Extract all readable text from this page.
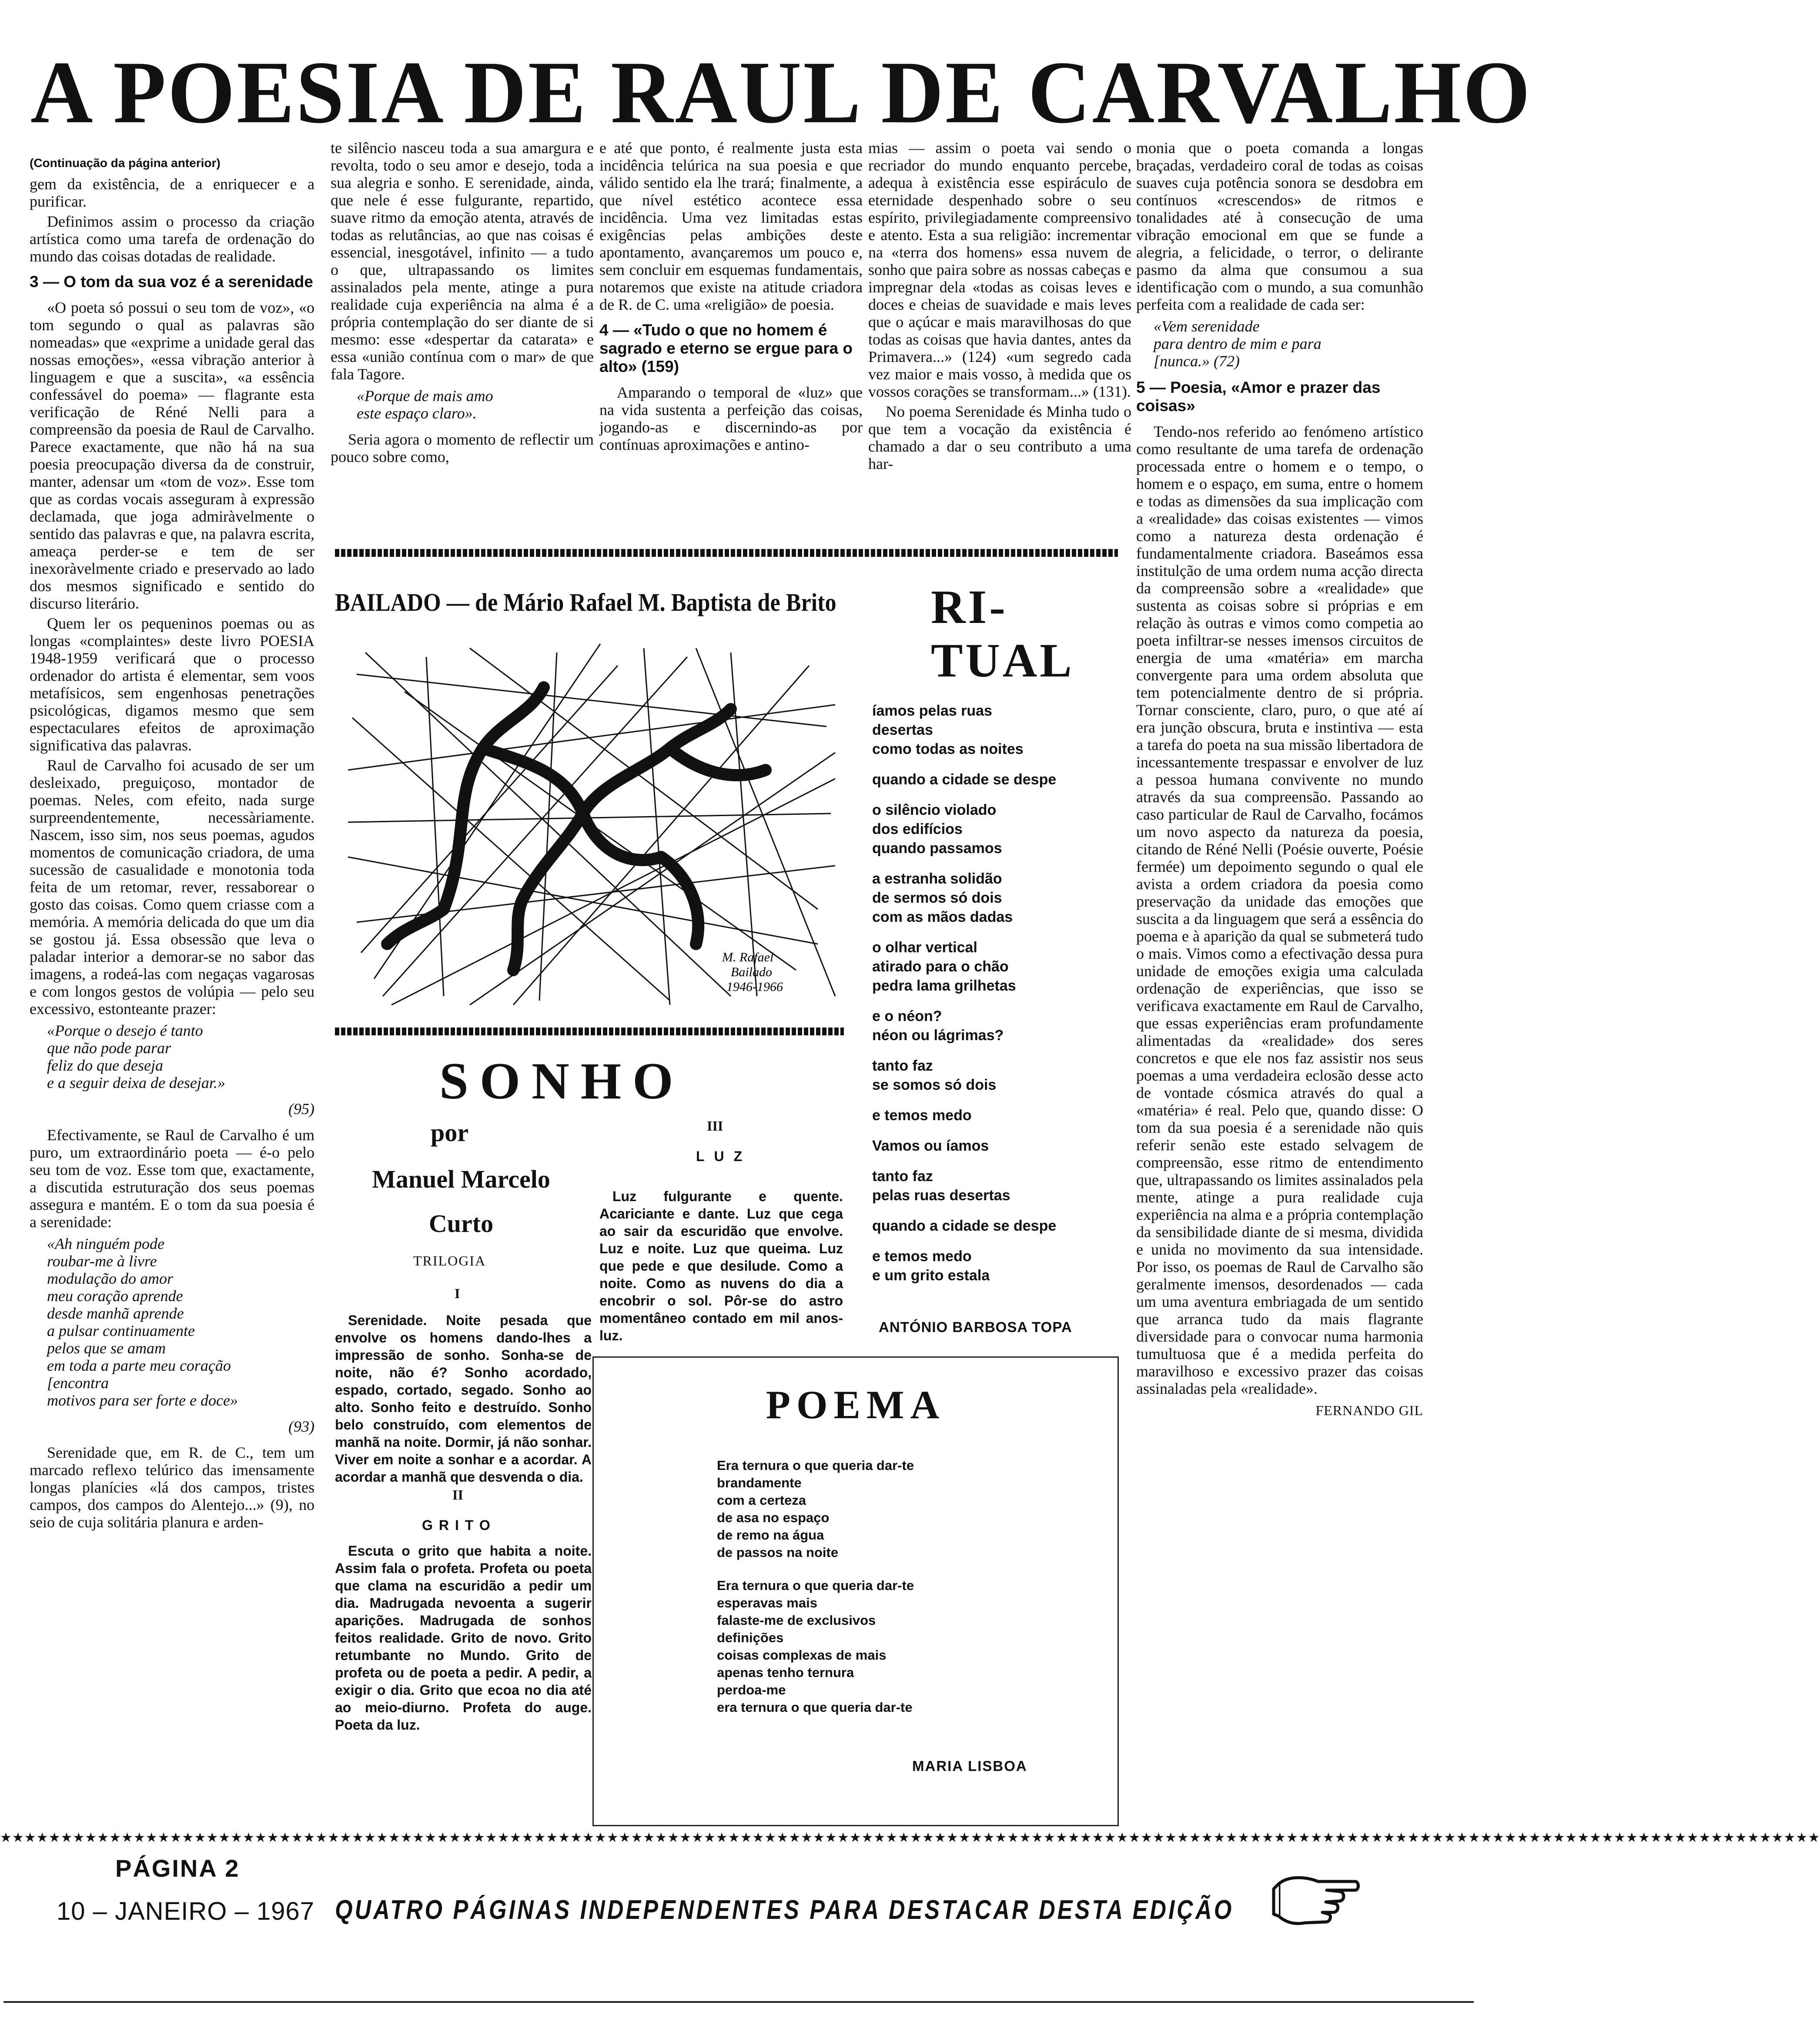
A POESIA DE RAUL DE CARVALHO

(Continuação da página anterior)

gem da existência, de a enriquecer e a purificar.

Definimos assim o processo da criação artística como uma tarefa de ordenação do mundo das coisas dotadas de realidade.

3 — O tom da sua voz é a serenidade

«O poeta só possui o seu tom de voz», «o tom segundo o qual as palavras são nomeadas» que «exprime a unidade geral das nossas emoções», «essa vibração anterior à linguagem e que a suscita», «a essência confessável do poema» — flagrante esta verificação de Réné Nelli para a compreensão da poesia de Raul de Carvalho. Parece exactamente, que não há na sua poesia preocupação diversa da de construir, manter, adensar um «tom de voz». Esse tom que as cordas vocais asseguram à expressão declamada, que joga admiràvelmente o sentido das palavras e que, na palavra escrita, ameaça perder-se e tem de ser inexoràvelmente criado e preservado ao lado dos mesmos significado e sentido do discurso literário.

Quem ler os pequeninos poemas ou as longas «complaintes» deste livro POESIA 1948-1959 verificará que o processo ordenador do artista é elementar, sem voos metafísicos, sem engenhosas penetrações psicológicas, digamos mesmo que sem espectaculares efeitos de aproximação significativa das palavras.

Raul de Carvalho foi acusado de ser um desleixado, preguiçoso, montador de poemas. Neles, com efeito, nada surge surpreendentemente, necessàriamente. Nascem, isso sim, nos seus poemas, agudos momentos de comunicação criadora, de uma sucessão de casualidade e monotonia toda feita de um retomar, rever, ressaborear o gosto das coisas. Como quem criasse com a memória. A memória delicada do que um dia se gostou já. Essa obsessão que leva o paladar interior a demorar-se no sabor das imagens, a rodeá-las com negaças vagarosas e com longos gestos de volúpia — pelo seu excessivo, estonteante prazer:

«Porque o desejo é tanto
que não pode parar
feliz do que deseja
e a seguir deixa de desejar.»

(95)

Efectivamente, se Raul de Carvalho é um puro, um extraordinário poeta — é-o pelo seu tom de voz. Esse tom que, exactamente, a discutida estruturação dos seus poemas assegura e mantém. E o tom da sua poesia é a serenidade:

«Ah ninguém pode
roubar-me à livre
modulação do amor
meu coração aprende
desde manhã aprende
a pulsar continuamente
pelos que se amam
em toda a parte meu coração
[encontra
motivos para ser forte e doce»

(93)

Serenidade que, em R. de C., tem um marcado reflexo telúrico das imensamente longas planícies «lá dos campos, tristes campos, dos campos do Alentejo...» (9), no seio de cuja solitária planura e arden-

te silêncio nasceu toda a sua amargura e revolta, todo o seu amor e desejo, toda a sua alegria e sonho. E serenidade, ainda, que nele é esse fulgurante, repartido, suave ritmo da emoção atenta, através de todas as relutâncias, ao que nas coisas é essencial, inesgotável, infinito — a tudo o que, ultrapassando os limites assinalados pela mente, atinge a pura realidade cuja experiência na alma é a própria contemplação do ser diante de si mesmo: esse «despertar da catarata» e essa «união contínua com o mar» de que fala Tagore.

«Porque de mais amo
este espaço claro».

Seria agora o momento de reflectir um pouco sobre como,

e até que ponto, é realmente justa esta incidência telúrica na sua poesia e que válido sentido ela lhe trará; finalmente, a que nível estético acontece essa incidência. Uma vez limitadas estas exigências pelas ambições deste apontamento, avançaremos um pouco e, sem concluir em esquemas fundamentais, notaremos que existe na atitude criadora de R. de C. uma «religião» de poesia.

4 — «Tudo o que no homem é sagrado e eterno se ergue para o alto» (159)

Amparando o temporal de «luz» que na vida sustenta a perfeição das coisas, jogando-as e discernindo-as por contínuas aproximações e antino-

mias — assim o poeta vai sendo o recriador do mundo enquanto percebe, adequa à existência esse espiráculo de eternidade despenhado sobre o seu espírito, privilegiadamente compreensivo e atento. Esta a sua religião: incrementar na «terra dos homens» essa nuvem de sonho que paira sobre as nossas cabeças e impregnar dela «todas as coisas leves e doces e cheias de suavidade e mais leves que o açúcar e mais maravilhosas do que todas as coisas que havia dantes, antes da Primavera...» (124) «um segredo cada vez maior e mais vosso, à medida que os vossos corações se transformam...» (131).

No poema Serenidade és Minha tudo o que tem a vocação da existência é chamado a dar o seu contributo a uma har-

monia que o poeta comanda a longas braçadas, verdadeiro coral de todas as coisas suaves cuja potência sonora se desdobra em contínuos «crescendos» de ritmos e tonalidades até à consecução de uma vibração emocional em que se funde a alegria, a felicidade, o terror, o delirante pasmo da alma que consumou a sua identificação com o mundo, a sua comunhão perfeita com a realidade de cada ser:

«Vem serenidade
para dentro de mim e para
[nunca.» (72)

5 — Poesia, «Amor e prazer das coisas»

Tendo-nos referido ao fenómeno artístico como resultante de uma tarefa de ordenação processada entre o homem e o tempo, o homem e o espaço, em suma, entre o homem e todas as dimensões da sua implicação com a «realidade» das coisas existentes — vimos como a natureza desta ordenação é fundamentalmente criadora. Baseámos essa institulção de uma ordem numa acção directa da compreensão sobre a «realidade» que sustenta as coisas sobre si próprias e em relação às outras e vimos como competia ao poeta infiltrar-se nesses imensos circuitos de energia de uma «matéria» em marcha convergente para uma ordem absoluta que tem potencialmente dentro de si própria. Tornar consciente, claro, puro, o que até aí era junção obscura, bruta e instintiva — esta a tarefa do poeta na sua missão libertadora de incessantemente trespassar e envolver de luz a pessoa humana convivente no mundo através da sua compreensão. Passando ao caso particular de Raul de Carvalho, focámos um novo aspecto da natureza da poesia, citando de Réné Nelli (Poésie ouverte, Poésie fermée) um depoimento segundo o qual ele avista a ordem criadora da poesia como preservação da unidade das emoções que suscita a da linguagem que será a essência do poema e à aparição da qual se submeterá tudo o mais. Vimos como a efectivação dessa pura unidade de emoções exigia uma calculada ordenação de experiências, que isso se verificava exactamente em Raul de Carvalho, que essas experiências eram profundamente alimentadas da «realidade» dos seres concretos e que ele nos faz assistir nos seus poemas a uma verdadeira eclosão desse acto de vontade cósmica através do qual a «matéria» é real. Pelo que, quando disse: O tom da sua poesia é a serenidade não quis referir senão este estado selvagem de compreensão, esse ritmo de entendimento que, ultrapassando os limites assinalados pela mente, atinge a pura realidade cuja experiência na alma e a própria contemplação da sensibilidade diante de si mesma, dividida e unida no movimento da sua intensidade. Por isso, os poemas de Raul de Carvalho são geralmente imensos, desordenados — cada um uma aventura embriagada de um sentido que arranca tudo da mais flagrante diversidade para o convocar numa harmonia tumultuosa que é a medida perfeita do maravilhoso e excessivo prazer das coisas assinaladas pela «realidade».

FERNANDO GIL

BAILADO — de Mário Rafael M. Baptista de Brito
M. Rafael Bailado 1946-1966
RI-
TUAL

íamos pelas ruas
desertas
como todas as noites

quando a cidade se despe

o silêncio violado
dos edifícios
quando passamos

a estranha solidão
de sermos só dois
com as mãos dadas

o olhar vertical
atirado para o chão
pedra lama grilhetas

e o néon?
néon ou lágrimas?

tanto faz
se somos só dois

e temos medo

Vamos ou íamos

tanto faz
pelas ruas desertas

quando a cidade se despe

e temos medo
e um grito estala

ANTÓNIO BARBOSA TOPA
SONHO
por
Manuel Marcelo
Curto
TRILOGIA
I
Serenidade. Noite pesada que envolve os homens dando-lhes a impressão de sonho. Sonha-se de noite, não é? Sonho acordado, espado, cortado, segado. Sonho ao alto. Sonho feito e destruído. Sonho belo construído, com elementos de manhã na noite. Dormir, já não sonhar. Viver em noite a sonhar e a acordar. A acordar a manhã que desvenda o dia.
II
GRITO
Escuta o grito que habita a noite. Assim fala o profeta. Profeta ou poeta que clama na escuridão a pedir um dia. Madrugada nevoenta a sugerir aparições. Madrugada de sonhos feitos realidade. Grito de novo. Grito retumbante no Mundo. Grito de profeta ou de poeta a pedir. A pedir, a exigir o dia. Grito que ecoa no dia até ao meio-diurno. Profeta do auge. Poeta da luz.
III
LUZ
Luz fulgurante e quente. Acariciante e dante. Luz que cega ao sair da escuridão que envolve. Luz e noite. Luz que queima. Luz que pede e que desilude. Como a noite. Como as nuvens do dia a encobrir o sol. Pôr-se do astro momentâneo contado em mil anos-luz.
POEMA

Era ternura o que queria dar-te
brandamente
com a certeza
de asa no espaço
de remo na água
de passos na noite

Era ternura o que queria dar-te
esperavas mais
falaste-me de exclusivos
definições
coisas complexas de mais
apenas tenho ternura
perdoa-me
era ternura o que queria dar-te

MARIA LISBOA
★★★★★★★★★★★★★★★★★★★★★★★★★★★★★★★★★★★★★★★★★★★★★★★★★★★★★★★★★★★★★★★★★★★★★★★★★★★★★★★★★★★★★★★★★★★★★★★★★★★★★★★★★★★★★★★★★★★★★★★★★★★★★★★★★★★★★★★★★★★★★★★★★★★★★★
PÁGINA 2
10 – JANEIRO – 1967 QUATRO PÁGINAS INDEPENDENTES PARA DESTACAR DESTA EDIÇÃO
